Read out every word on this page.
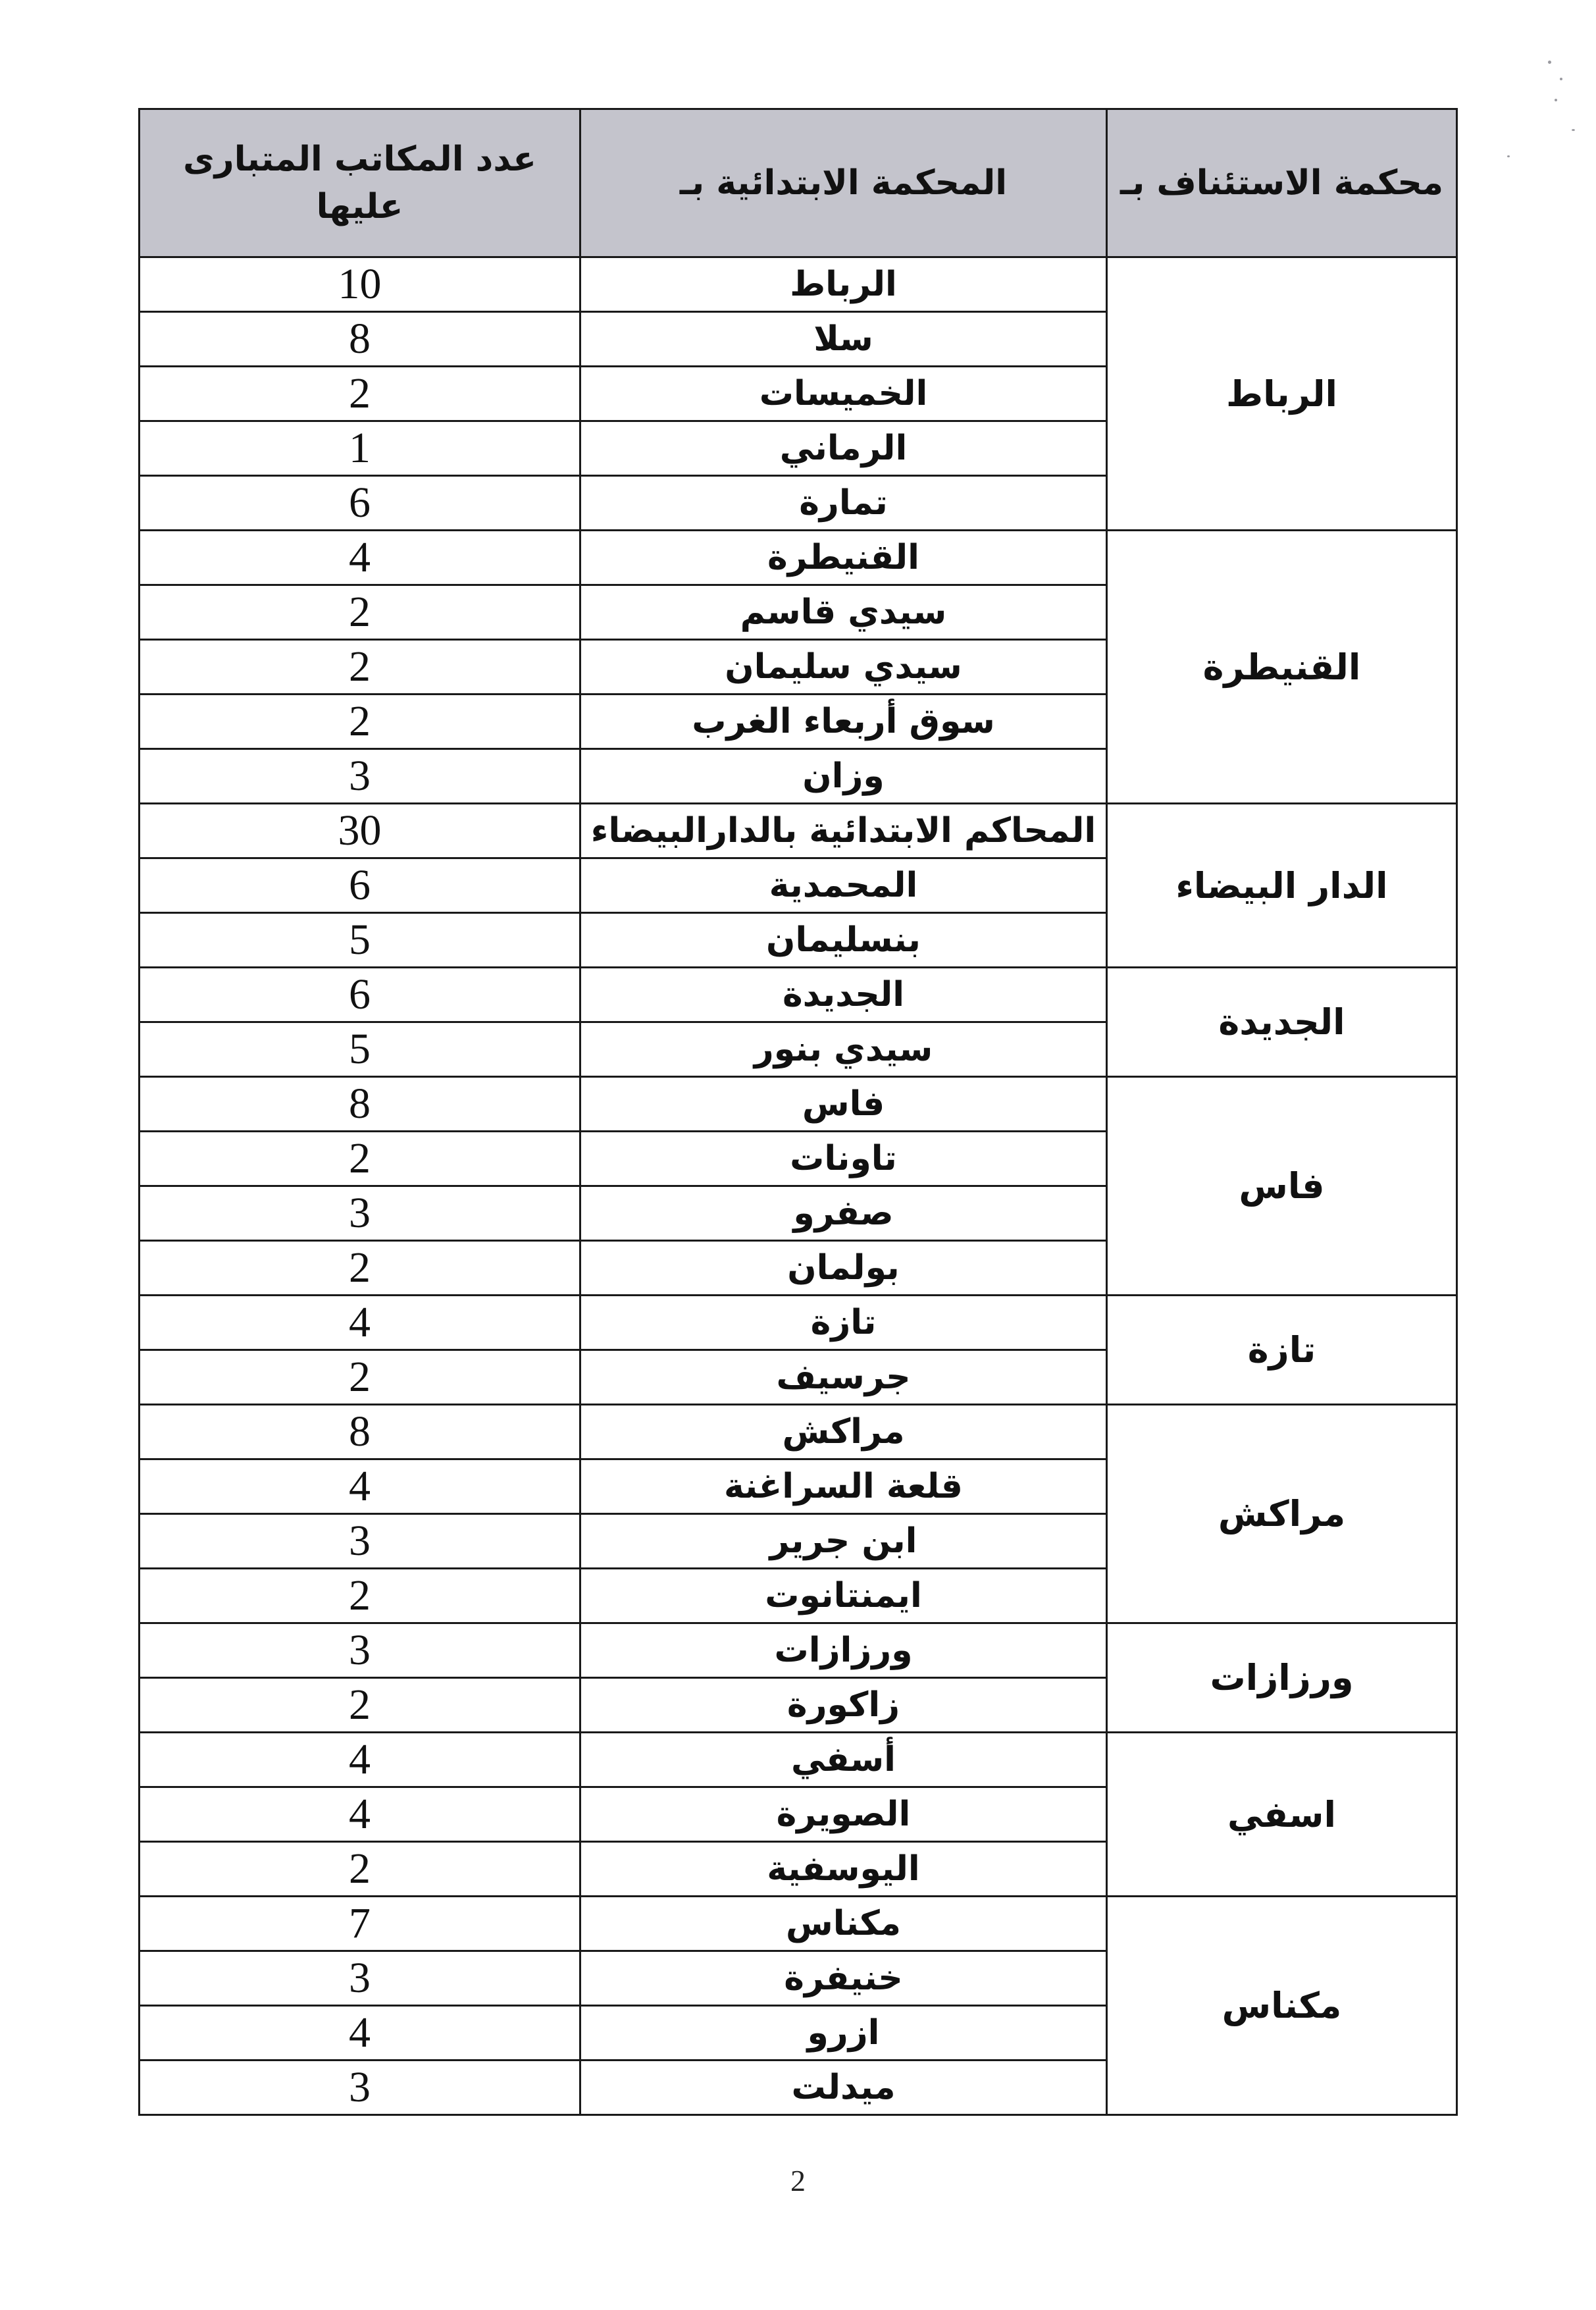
عدد المكاتب المتبارى عليها	المحكمة الابتدائية بـ	محكمة الاستئناف بـ
10	الرباط	الرباط
8	سلا	
2	الخميسات	
1	الرماني	
6	تمارة	
4	القنيطرة	القنيطرة
2	سيدي قاسم	
2	سيدي سليمان	
2	سوق أربعاء الغرب	
3	وزان	
30	المحاكم الابتدائية بالدارالبيضاء	الدار البيضاء
6	المحمدية	
5	بنسليمان	
6	الجديدة	الجديدة
5	سيدي بنور	
8	فاس	فاس
2	تاونات	
3	صفرو	
2	بولمان	
4	تازة	تازة
2	جرسيف	
8	مراكش	مراكش
4	قلعة السراغنة	
3	ابن جرير	
2	ايمنتانوت	
3	ورزازات	ورزازات
2	زاكورة	
4	أسفي	اسفي
4	الصويرة	
2	اليوسفية	
7	مكناس	مكناس
3	خنيفرة	
4	ازرو	
3	ميدلت	
2
